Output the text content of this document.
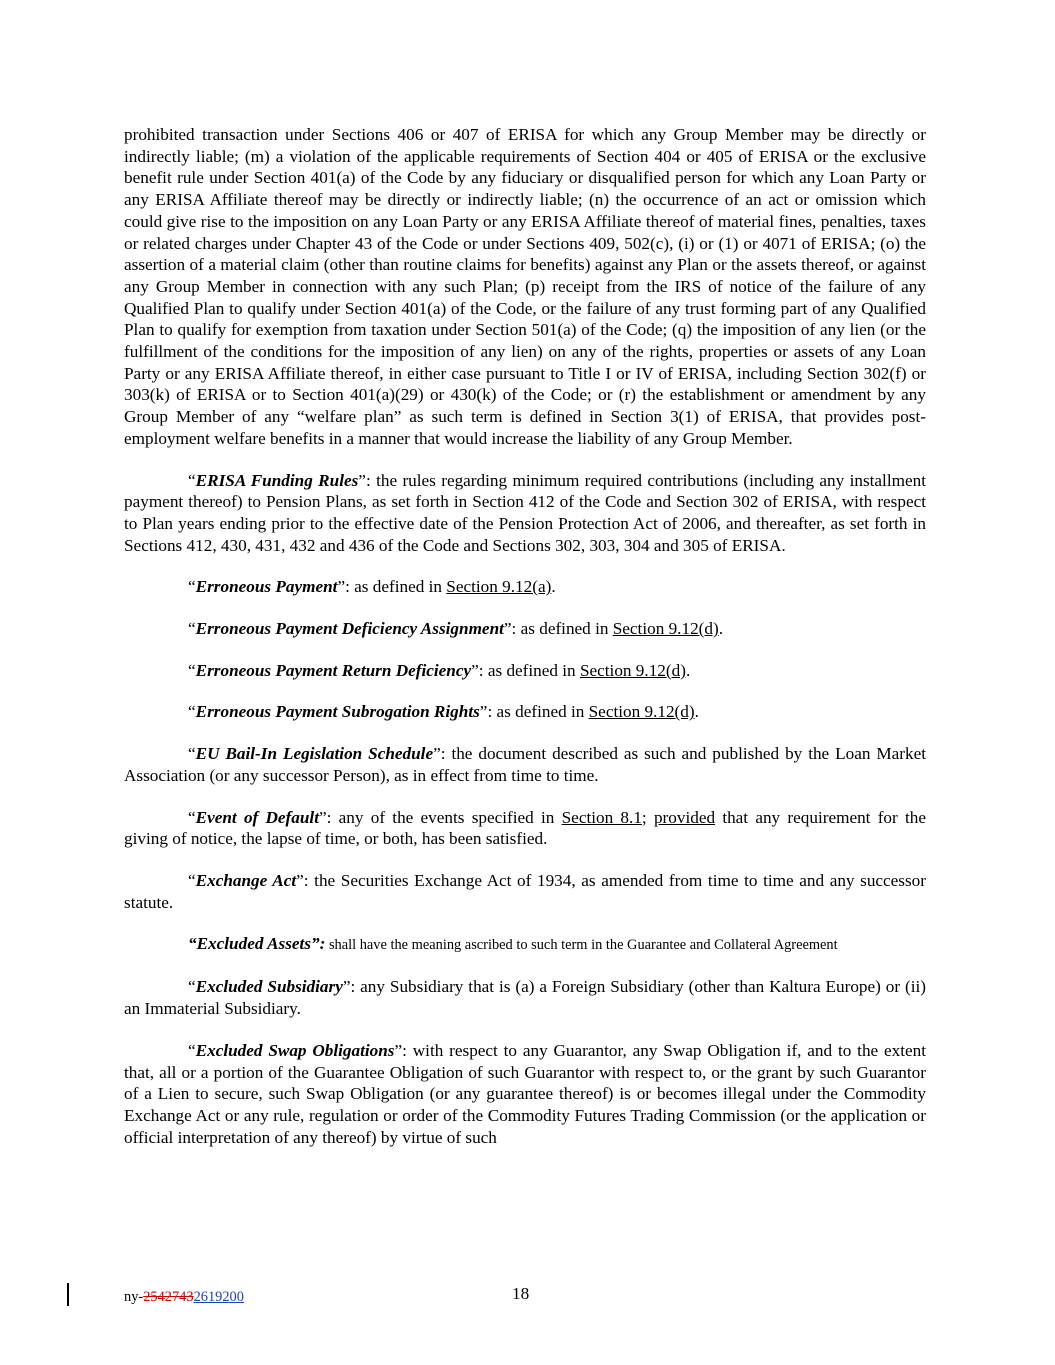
prohibited transaction under Sections 406 or 407 of ERISA for which any Group Member may be directly or indirectly liable; (m) a violation of the applicable requirements of Section 404 or 405 of ERISA or the exclusive benefit rule under Section 401(a) of the Code by any fiduciary or disqualified person for which any Loan Party or any ERISA Affiliate thereof may be directly or indirectly liable; (n) the occurrence of an act or omission which could give rise to the imposition on any Loan Party or any ERISA Affiliate thereof of material fines, penalties, taxes or related charges under Chapter 43 of the Code or under Sections 409, 502(c), (i) or (1) or 4071 of ERISA; (o) the assertion of a material claim (other than routine claims for benefits) against any Plan or the assets thereof, or against any Group Member in connection with any such Plan; (p) receipt from the IRS of notice of the failure of any Qualified Plan to qualify under Section 401(a) of the Code, or the failure of any trust forming part of any Qualified Plan to qualify for exemption from taxation under Section 501(a) of the Code; (q) the imposition of any lien (or the fulfillment of the conditions for the imposition of any lien) on any of the rights, properties or assets of any Loan Party or any ERISA Affiliate thereof, in either case pursuant to Title I or IV of ERISA, including Section 302(f) or 303(k) of ERISA or to Section 401(a)(29) or 430(k) of the Code; or (r) the establishment or amendment by any Group Member of any “welfare plan” as such term is defined in Section 3(1) of ERISA, that provides post-employment welfare benefits in a manner that would increase the liability of any Group Member.

“ERISA Funding Rules”: the rules regarding minimum required contributions (including any installment payment thereof) to Pension Plans, as set forth in Section 412 of the Code and Section 302 of ERISA, with respect to Plan years ending prior to the effective date of the Pension Protection Act of 2006, and thereafter, as set forth in Sections 412, 430, 431, 432 and 436 of the Code and Sections 302, 303, 304 and 305 of ERISA.

“Erroneous Payment”: as defined in Section 9.12(a).

“Erroneous Payment Deficiency Assignment”: as defined in Section 9.12(d).

“Erroneous Payment Return Deficiency”: as defined in Section 9.12(d).

“Erroneous Payment Subrogation Rights”: as defined in Section 9.12(d).

“EU Bail-In Legislation Schedule”: the document described as such and published by the Loan Market Association (or any successor Person), as in effect from time to time.

“Event of Default”: any of the events specified in Section 8.1; provided that any requirement for the giving of notice, the lapse of time, or both, has been satisfied.

“Exchange Act”: the Securities Exchange Act of 1934, as amended from time to time and any successor statute.

“Excluded Assets”: shall have the meaning ascribed to such term in the Guarantee and Collateral Agreement

“Excluded Subsidiary”: any Subsidiary that is (a) a Foreign Subsidiary (other than Kaltura Europe) or (ii) an Immaterial Subsidiary.

“Excluded Swap Obligations”: with respect to any Guarantor, any Swap Obligation if, and to the extent that, all or a portion of the Guarantee Obligation of such Guarantor with respect to, or the grant by such Guarantor of a Lien to secure, such Swap Obligation (or any guarantee thereof) is or becomes illegal under the Commodity Exchange Act or any rule, regulation or order of the Commodity Futures Trading Commission (or the application or official interpretation of any thereof) by virtue of such

ny-25427432619200	18
